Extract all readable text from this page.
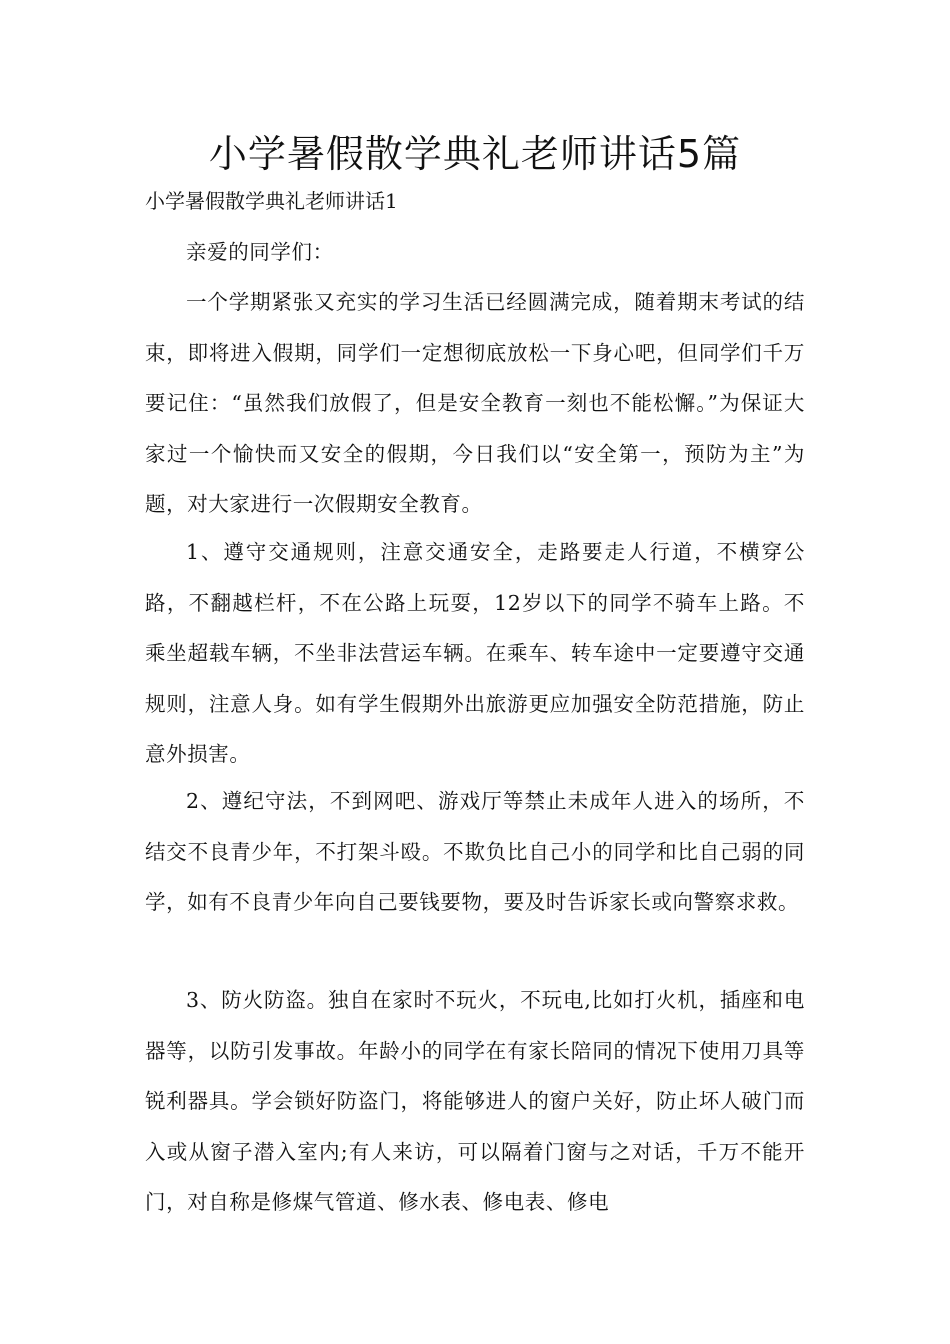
小学暑假散学典礼老师讲话5篇

小学暑假散学典礼老师讲话1

亲爱的同学们：

一个学期紧张又充实的学习生活已经圆满完成，随着期末考试的结束，即将进入假期，同学们一定想彻底放松一下身心吧，但同学们千万要记住：“虽然我们放假了，但是安全教育一刻也不能松懈。”为保证大家过一个愉快而又安全的假期，今日我们以“安全第一，预防为主”为题，对大家进行一次假期安全教育。

1、遵守交通规则，注意交通安全，走路要走人行道，不横穿公路，不翻越栏杆，不在公路上玩耍，12岁以下的同学不骑车上路。不乘坐超载车辆，不坐非法营运车辆。在乘车、转车途中一定要遵守交通规则，注意人身。如有学生假期外出旅游更应加强安全防范措施，防止意外损害。

2、遵纪守法，不到网吧、游戏厅等禁止未成年人进入的场所，不结交不良青少年，不打架斗殴。不欺负比自己小的同学和比自己弱的同学，如有不良青少年向自己要钱要物，要及时告诉家长或向警察求救。

3、防火防盗。独自在家时不玩火，不玩电,比如打火机，插座和电器等，以防引发事故。年龄小的同学在有家长陪同的情况下使用刀具等锐利器具。学会锁好防盗门，将能够进人的窗户关好，防止坏人破门而入或从窗子潜入室内;有人来访，可以隔着门窗与之对话，千万不能开门，对自称是修煤气管道、修水表、修电表、修电
